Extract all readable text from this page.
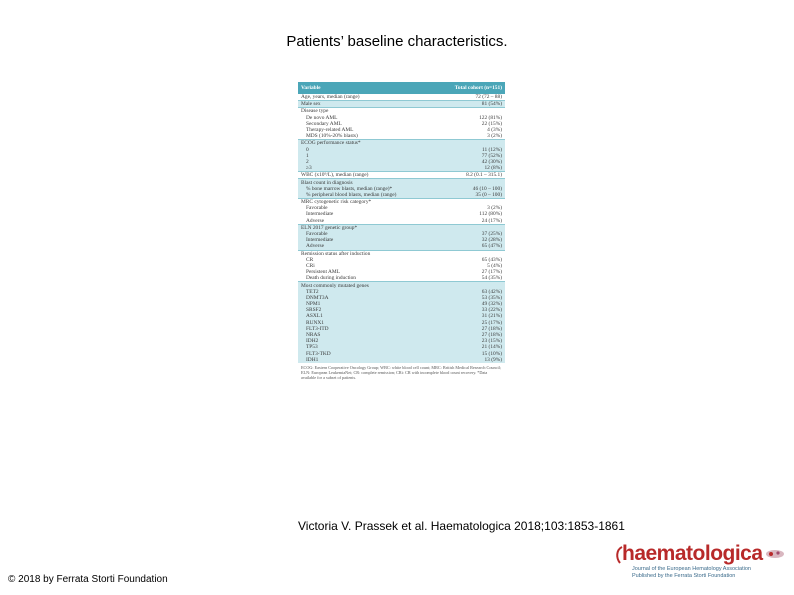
Patients’ baseline characteristics.
Variable	Total cohort (n=151)
Age, years, median (range)	72 (72 – 88)
Male sex	81 (54%)
Disease type	
De novo AML	122 (81%)
Secondary AML	22 (15%)
Therapy-related AML	4 (3%)
MDS (10%-20% blasts)	3 (2%)
ECOG performance status*	
0	11 (12%)
1	77 (52%)
2	42 (30%)
≥3	12 (8%)
WBC (x10⁹/L), median (range)	8.2 (0.1 – 315.1)
Blast count in diagnosis	
% bone marrow blasts, median (range)*	46 (10 – 100)
% peripheral blood blasts, median (range)	35 (0 – 100)
MRC cytogenetic risk category*	
Favorable	3 (2%)
Intermediate	112 (80%)
Adverse	24 (17%)
ELN 2017 genetic group*	
Favorable	37 (25%)
Intermediate	32 (28%)
Adverse	65 (47%)
Remission status after induction	
CR	65 (43%)
CRi	5 (4%)
Persistent AML	27 (17%)
Death during induction	54 (35%)
Most commonly mutated genes	
TET2	63 (42%)
DNMT3A	53 (35%)
NPM1	49 (32%)
SRSF2	33 (22%)
ASXL1	31 (21%)
RUNX1	25 (17%)
FLT3-ITD	27 (18%)
NRAS	27 (18%)
IDH2	23 (15%)
TP53	21 (14%)
FLT3-TKD	15 (10%)
IDH1	13 (9%)
ECOG: Eastern Cooperative Oncology Group; WBC: white blood cell count; MRC: British Medical Research Council; ELN: European LeukemiaNet; CR: complete remission; CRi: CR with incomplete blood count recovery. *Data available for a subset of patients.
Victoria V. Prassek et al. Haematologica 2018;103:1853-1861
© 2018 by Ferrata Storti Foundation
haematologica
Journal of the European Hematology Association
Published by the Ferrata Storti Foundation
